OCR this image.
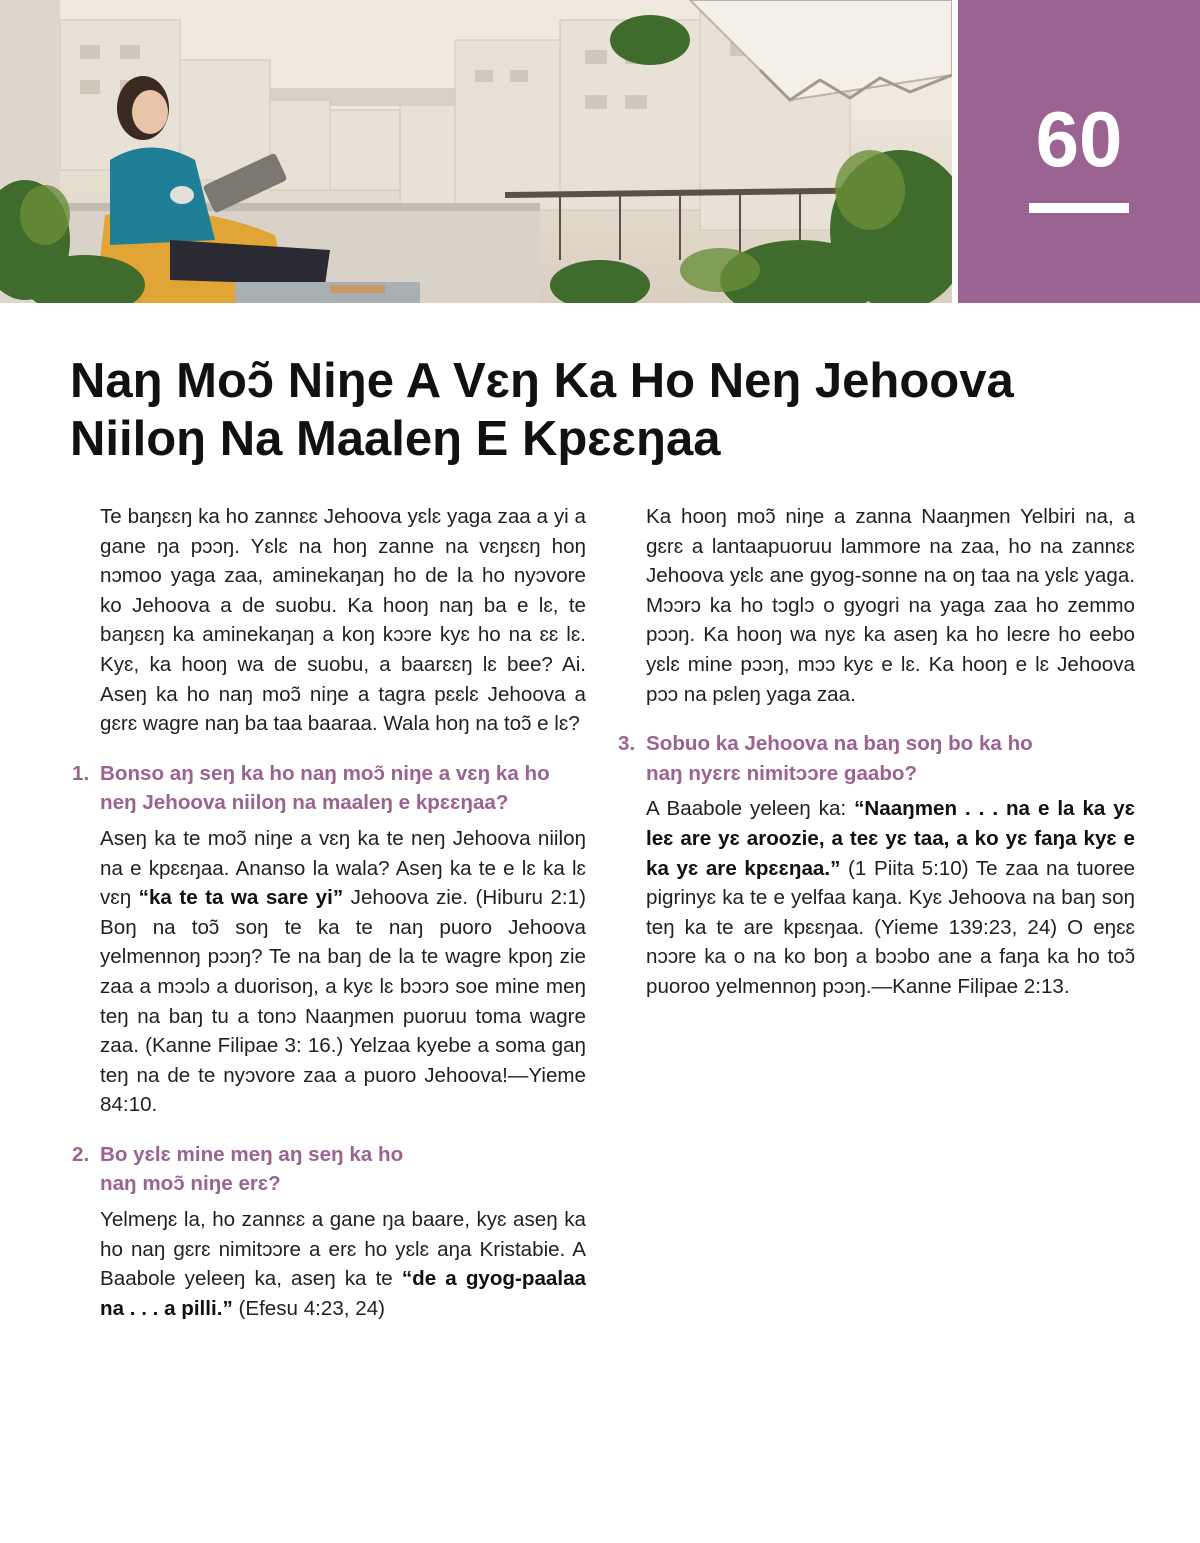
60
Naŋ Moɔ̃ Niŋe A Vɛŋ Ka Ho Neŋ Jehoova
Niiloŋ Na Maaleŋ E Kpɛɛŋaa

Te baŋɛɛŋ ka ho zannɛɛ Jehoova yɛlɛ yaga zaa a yi a gane ŋa pɔɔŋ. Yɛlɛ na hoŋ zanne na vɛŋɛɛŋ hoŋ nɔmoo yaga zaa, aminekaŋaŋ ho de la ho nyɔvore ko Jehoova a de suobu. Ka hooŋ naŋ ba e lɛ, te baŋɛɛŋ ka aminekaŋaŋ a koŋ kɔɔre kyɛ ho na ɛɛ lɛ. Kyɛ, ka hooŋ wa de suobu, a baarɛɛŋ lɛ bee? Ai. Aseŋ ka ho naŋ moɔ̃ niŋe a tagra pɛɛlɛ Jehoova a gɛrɛ wagre naŋ ba taa baaraa. Wala hoŋ na toɔ̃ e lɛ?

1. Bonso aŋ seŋ ka ho naŋ moɔ̃ niŋe a vɛŋ ka ho neŋ Jehoova niiloŋ na maaleŋ e kpɛɛŋaa?

Aseŋ ka te moɔ̃ niŋe a vɛŋ ka te neŋ Jehoova niiloŋ na e kpɛɛŋaa. Ananso la wala? Aseŋ ka te e lɛ ka lɛ vɛŋ “ka te ta wa sare yi” Jehoova zie. (Hiburu 2:1) Boŋ na toɔ̃ soŋ te ka te naŋ puoro Jehoova yelmennoŋ pɔɔŋ? Te na baŋ de la te wagre kpoŋ zie zaa a mɔɔlɔ a duorisoŋ, a kyɛ lɛ bɔɔrɔ soe mine meŋ teŋ na baŋ tu a tonɔ Naaŋmen puoruu toma wagre zaa. (Kanne Filipae 3: 16.) Yelzaa kyebe a soma gaŋ teŋ na de te nyɔvore zaa a puoro Jehoova!—Yieme 84:10.

2. Bo yɛlɛ mine meŋ aŋ seŋ ka ho
naŋ moɔ̃ niŋe erɛ?

Yelmeŋɛ la, ho zannɛɛ a gane ŋa baare, kyɛ aseŋ ka ho naŋ gɛrɛ nimitɔɔre a erɛ ho yɛlɛ aŋa Kristabie. A Baabole yeleeŋ ka, aseŋ ka te “de a gyog-paalaa na . . . a pilli.” (Efesu 4:23, 24)

Ka hooŋ moɔ̃ niŋe a zanna Naaŋmen Yelbiri na, a gɛrɛ a lantaapuoruu lammore na zaa, ho na zannɛɛ Jehoova yɛlɛ ane gyog-sonne na oŋ taa na yɛlɛ yaga. Mɔɔrɔ ka ho tɔglɔ o gyogri na yaga zaa ho zemmo pɔɔŋ. Ka hooŋ wa nyɛ ka aseŋ ka ho leɛre ho eebo yɛlɛ mine pɔɔŋ, mɔɔ kyɛ e lɛ. Ka hooŋ e lɛ Jehoova pɔɔ na pɛleŋ yaga zaa.

3. Sobuo ka Jehoova na baŋ soŋ bo ka ho
naŋ nyɛrɛ nimitɔɔre gaabo?

A Baabole yeleeŋ ka: “Naaŋmen . . . na e la ka yɛ leɛ are yɛ aroozie, a teɛ yɛ taa, a ko yɛ faŋa kyɛ e ka yɛ are kpɛɛŋaa.” (1 Piita 5:10) Te zaa na tuoree pigrinyɛ ka te e yelfaa kaŋa. Kyɛ Jehoova na baŋ soŋ teŋ ka te are kpɛɛŋaa. (Yieme 139:23, 24) O eŋɛɛ nɔɔre ka o na ko boŋ a bɔɔbo ane a faŋa ka ho toɔ̃ puoroo yelmennoŋ pɔɔŋ.—Kanne Filipae 2:13.
